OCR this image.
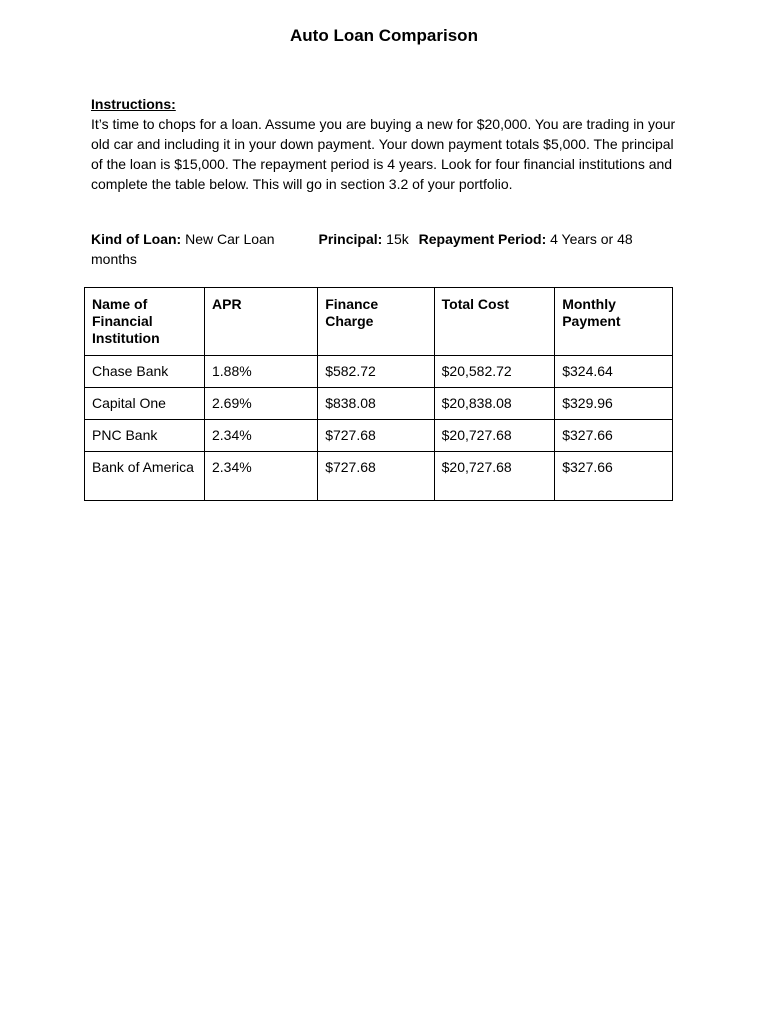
Auto Loan Comparison
Instructions:
It’s time to chops for a loan. Assume you are buying a new for $20,000. You are trading in your old car and including it in your down payment. Your down payment totals $5,000. The principal of the loan is $15,000. The repayment period is 4 years. Look for four financial institutions and complete the table below. This will go in section 3.2 of your portfolio.
Kind of Loan: New Car Loan	Principal: 15k Repayment Period: 4 Years or 48 months
Name of Financial Institution	APR	Finance Charge	Total Cost	Monthly Payment
Chase Bank	1.88%	$582.72	$20,582.72	$324.64
Capital One	2.69%	$838.08	$20,838.08	$329.96
PNC Bank	2.34%	$727.68	$20,727.68	$327.66
Bank of America	2.34%	$727.68	$20,727.68	$327.66
